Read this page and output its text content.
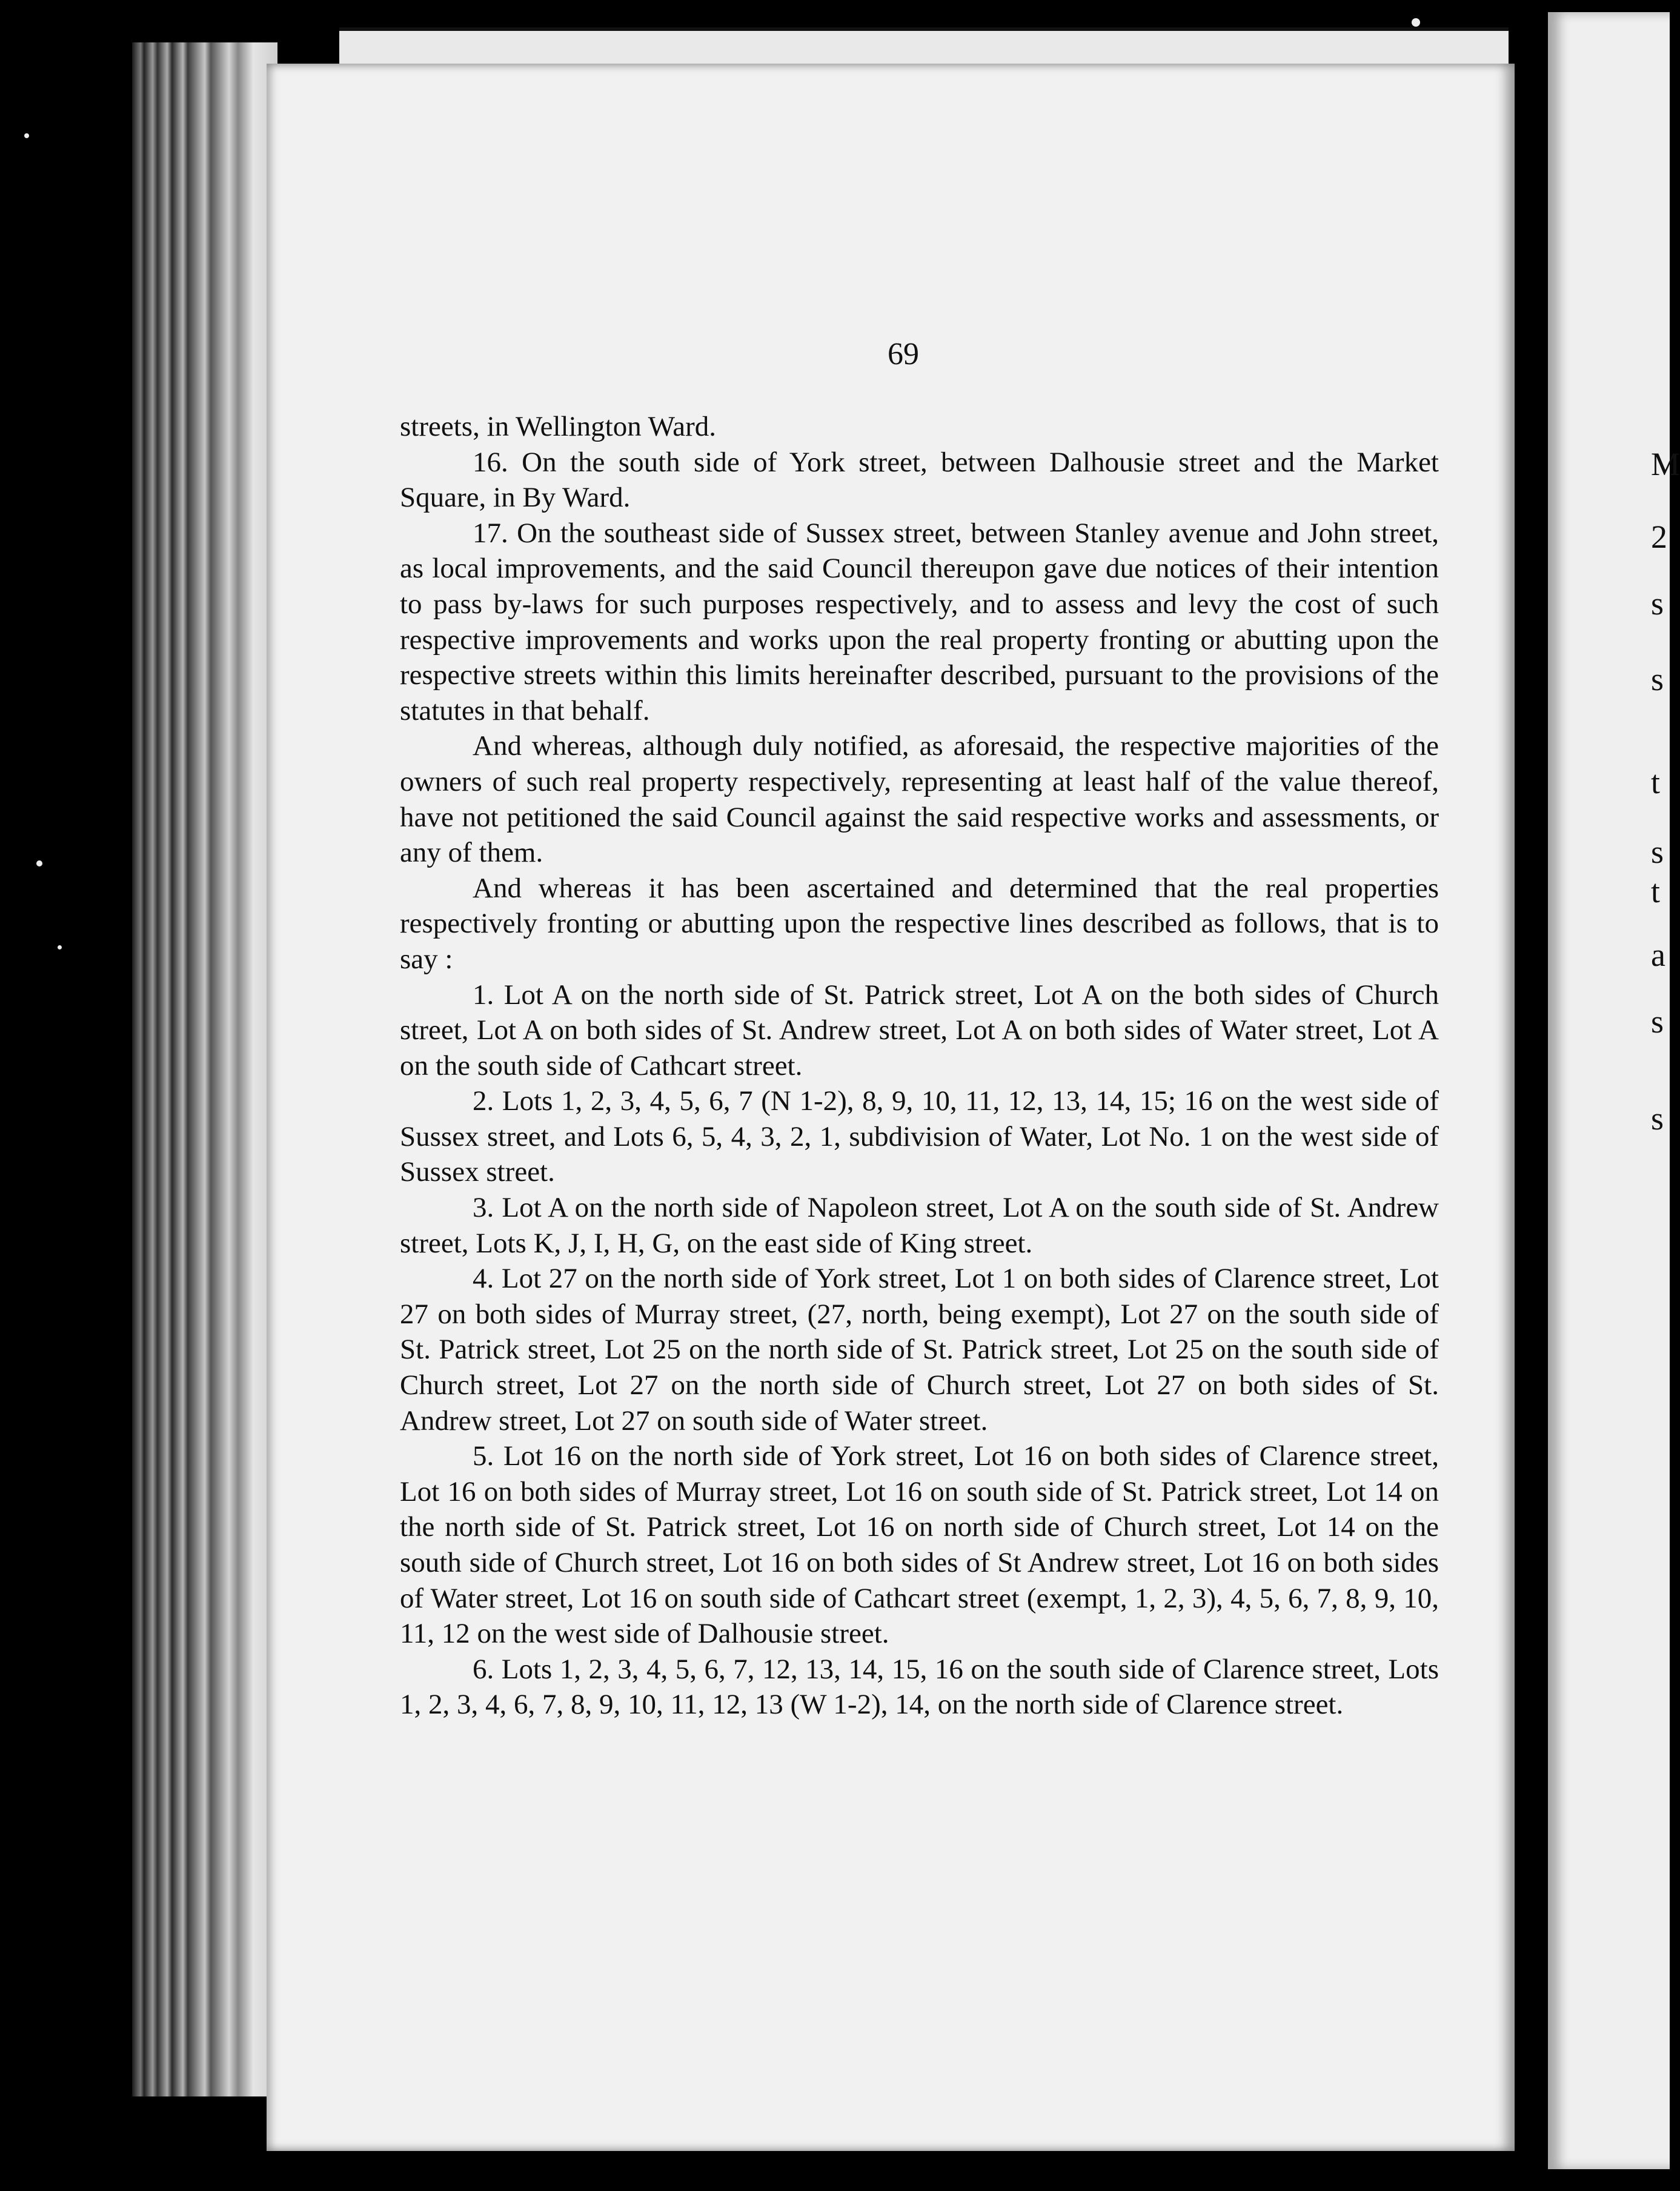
M
2
s
s
t
s
t
a
s
s
69

streets, in Wellington Ward.

16. On the south side of York street, between Dalhousie street and the Market Square, in By Ward.

17. On the southeast side of Sussex street, between Stanley avenue and John street, as local improvements, and the said Council thereupon gave due notices of their intention to pass by-laws for such purposes respectively, and to assess and levy the cost of such respective improvements and works upon the real property fronting or abutting upon the respective streets within this limits hereinafter described, pursuant to the provisions of the statutes in that behalf.

And whereas, although duly notified, as aforesaid, the respective majorities of the owners of such real property respectively, representing at least half of the value thereof, have not petitioned the said Council against the said respective works and assessments, or any of them.

And whereas it has been ascertained and determined that the real properties respectively fronting or abutting upon the respective lines described as follows, that is to say :

1. Lot A on the north side of St. Patrick street, Lot A on the both sides of Church street, Lot A on both sides of St. Andrew street, Lot A on both sides of Water street, Lot A on the south side of Cathcart street.

2. Lots 1, 2, 3, 4, 5, 6, 7 (N 1-2), 8, 9, 10, 11, 12, 13, 14, 15; 16 on the west side of Sussex street, and Lots 6, 5, 4, 3, 2, 1, subdivision of Water, Lot No. 1 on the west side of Sussex street.

3. Lot A on the north side of Napoleon street, Lot A on the south side of St. Andrew street, Lots K, J, I, H, G, on the east side of King street.

4. Lot 27 on the north side of York street, Lot 1 on both sides of Clarence street, Lot 27 on both sides of Murray street, (27, north, being exempt), Lot 27 on the south side of St. Patrick street, Lot 25 on the north side of St. Patrick street, Lot 25 on the south side of Church street, Lot 27 on the north side of Church street, Lot 27 on both sides of St. Andrew street, Lot 27 on south side of Water street.

5. Lot 16 on the north side of York street, Lot 16 on both sides of Clarence street, Lot 16 on both sides of Murray street, Lot 16 on south side of St. Patrick street, Lot 14 on the north side of St. Patrick street, Lot 16 on north side of Church street, Lot 14 on the south side of Church street, Lot 16 on both sides of St Andrew street, Lot 16 on both sides of Water street, Lot 16 on south side of Cathcart street (exempt, 1, 2, 3), 4, 5, 6, 7, 8, 9, 10, 11, 12 on the west side of Dalhousie street.

6. Lots 1, 2, 3, 4, 5, 6, 7, 12, 13, 14, 15, 16 on the south side of Clarence street, Lots 1, 2, 3, 4, 6, 7, 8, 9, 10, 11, 12, 13 (W 1-2), 14, on the north side of Clarence street.
